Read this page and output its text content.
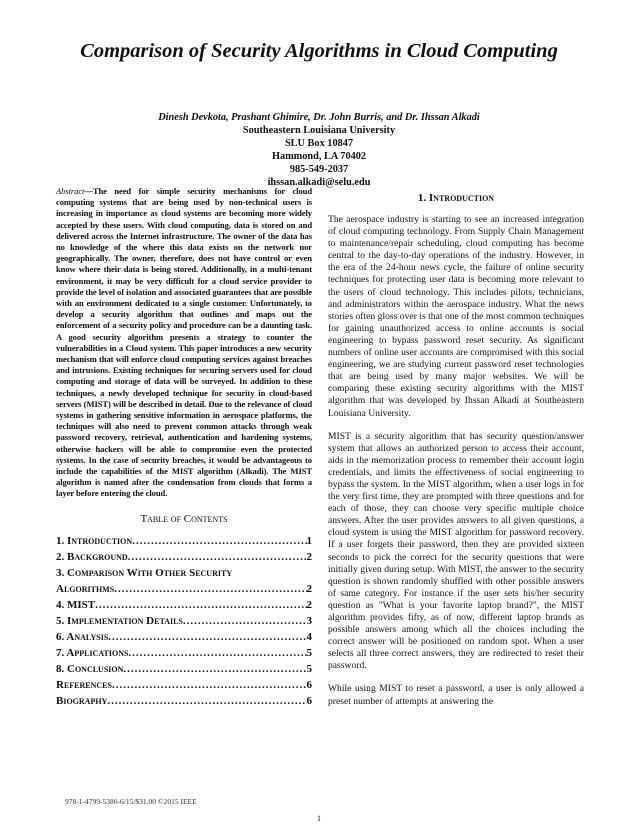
Comparison of Security Algorithms in Cloud Computing
Dinesh Devkota, Prashant Ghimire, Dr. John Burris, and Dr. Ihssan Alkadi
Southeastern Louisiana University
SLU Box 10847
Hammond, LA 70402
985-549-2037
ihssan.alkadi@selu.edu

Abstract—The need for simple security mechanisms for cloud computing systems that are being used by non-technical users is increasing in importance as cloud systems are becoming more widely accepted by these users. With cloud computing, data is stored on and delivered across the Internet infrastructure. The owner of the data has no knowledge of the where this data exists on the network nor geographically. The owner, therefore, does not have control or even know where their data is being stored. Additionally, in a multi-tenant environment, it may be very difficult for a cloud service provider to provide the level of isolation and associated guarantees that are possible with an environment dedicated to a single customer. Unfortunately, to develop a security algorithm that outlines and maps out the enforcement of a security policy and procedure can be a daunting task. A good security algorithm presents a strategy to counter the vulnerabilities in a Cloud system. This paper introduces a new security mechanism that will enforce cloud computing services against breaches and intrusions. Existing techniques for securing servers used for cloud computing and storage of data will be surveyed. In addition to these techniques, a newly developed technique for security in cloud-based servers (MIST) will be described in detail. Due to the relevance of cloud systems in gathering sensitive information in aerospace platforms, the techniques will also need to prevent common attacks through weak password recovery, retrieval, authentication and hardening systems, otherwise hackers will be able to compromise even the protected systems. In the case of security breaches, it would be advantageous to include the capabilities of the MIST algorithm (Alkadi). The MIST algorithm is named after the condensation from clouds that forms a layer before entering the cloud.

Table of Contents
1. Introduction .....	1
2. Background .....	2
3. Comparison With Other Security
Algorithms .....	2
4. MIST .....	2
5. Implementation Details .....	3
6. Analysis .....	4
7. Applications .....	5
8. Conclusion .....	5
References .....	6
Biography .....	6
1. Introduction

The aerospace industry is starting to see an increased integration of cloud computing technology. From Supply Chain Management to maintenance/repair scheduling, cloud computing has become central to the day-to-day operations of the industry. However, in the era of the 24-hour news cycle, the failure of online security techniques for protecting user data is becoming more relevant to the users of cloud technology. This includes pilots, technicians, and administrators within the aerospace industry. What the news stories often gloss over is that one of the most common techniques for gaining unauthorized access to online accounts is social engineering to bypass password reset security. As significant numbers of online user accounts are compromised with this social engineering, we are studying current password reset technologies that are being used by many major websites. We will be comparing these existing security algorithms with the MIST algorithm that was developed by Ihssan Alkadi at Southeastern Louisiana University.

MIST is a security algorithm that has security question/answer system that allows an authorized person to access their account, aids in the memorization process to remember their account login credentials, and limits the effectiveness of social engineering to bypass the system. In the MIST algorithm, when a user logs in for the very first time, they are prompted with three questions and for each of those, they can choose very specific multiple choice answers. After the user provides answers to all given questions, a cloud system is using the MIST algorithm for password recovery. If a user forgets their password, then they are provided sixteen seconds to pick the correct for the security questions that were initially given during setup. With MIST, the answer to the security question is shown randomly shuffled with other possible answers of same category. For instance if the user sets his/her security question as "What is your favorite laptop brand?", the MIST algorithm provides fifty, as of now, different laptop brands as possible answers among which all the choices including the correct answer will be positioned on random spot. When a user selects all three correct answers, they are redirected to reset their password.

While using MIST to reset a password, a user is only allowed a preset number of attempts at answering the

978-1-4799-5380-6/15/$31.00 ©2015 IEEE
1
